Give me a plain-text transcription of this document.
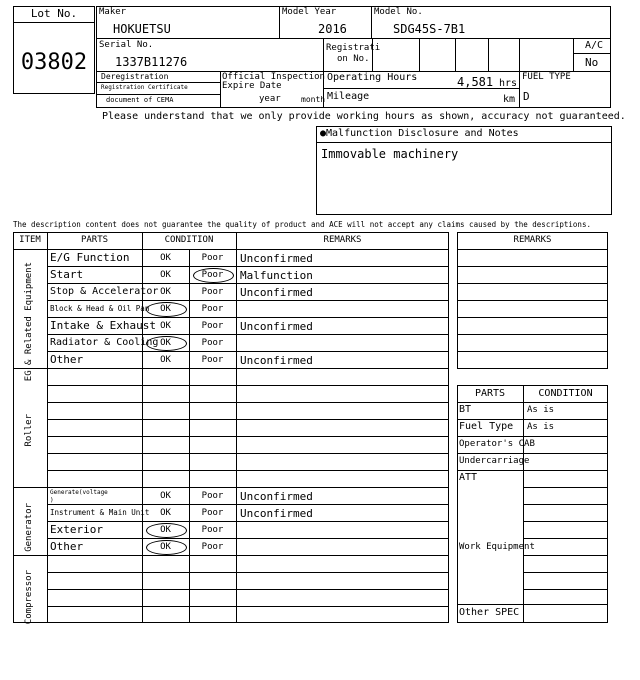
Lot No.
03802
Maker
HOKUETSU
Model Year
2016
Model No.
SDG45S-7B1
Serial No.
1337B11276
Registrati
on No.
A/C
No
Deregistration
Registration Certificate
document of CEMA
Official Inspection
Expire Date
year	month
Operating Hours	4,581 hrs
Mileage	km
FUEL TYPE
D
Please understand that we only provide working hours as shown, accuracy not guaranteed.
●Malfunction Disclosure and Notes
Immovable machinery
The description content does not guarantee the quality of product and ACE will not accept any claims caused by the descriptions.
ITEM	PARTS	CONDITION	REMARKS
EG & Related Equipment
Roller
Generator
Compressor
E/G Function	OK	Poor	Unconfirmed
Start	OK	Poor	Malfunction
Stop & Accelerator OK	Poor	Unconfirmed
Block & Head & Oil Pan	OK	Poor
Intake & Exhaust OK	Poor	Unconfirmed
Radiator & Cooling OK	Poor
Other	OK	Poor	Unconfirmed
Generate(voltage
)	OK	Poor	Unconfirmed
Instrument & Main Unit	OK	Poor	Unconfirmed
Exterior	OK	Poor
Other	OK	Poor
REMARKS
PARTS	CONDITION
BT	As is
Fuel Type As is
Operator's CAB
Undercarriage
ATT
Work Equipment
Other SPEC
